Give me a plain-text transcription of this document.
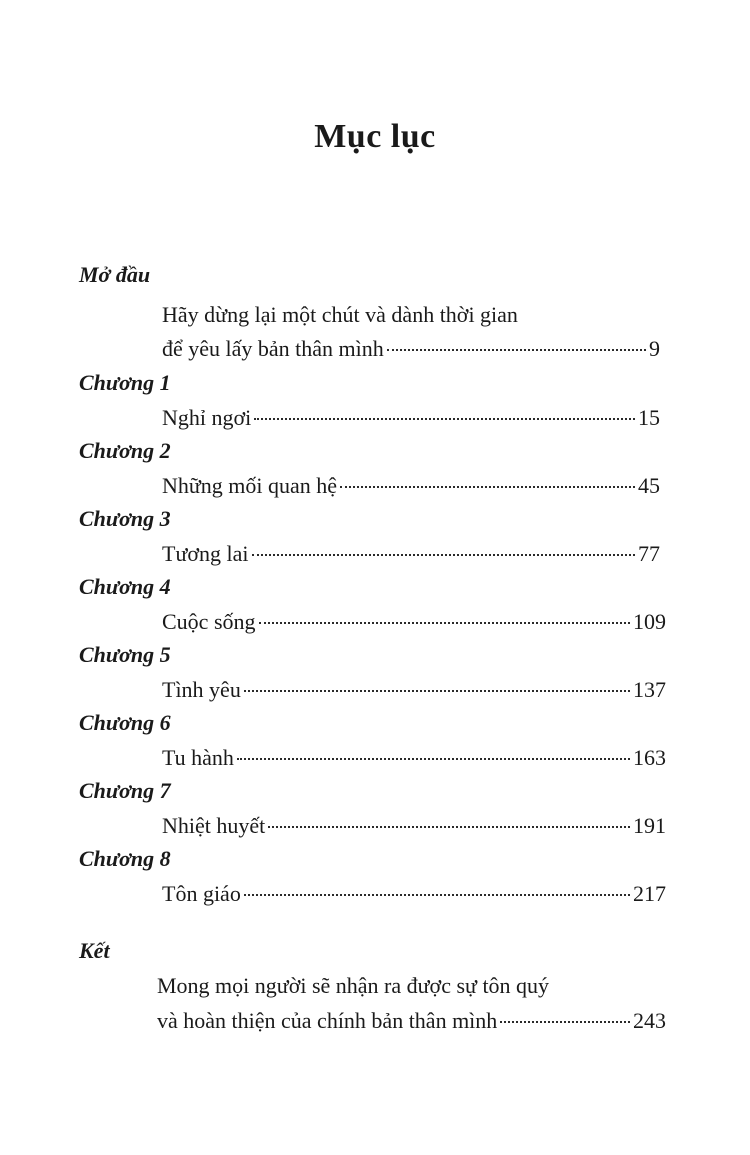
Mục lục
Mở đầu
Hãy dừng lại một chút và dành thời gian
để yêu lấy bản thân mình	9
Chương 1
Nghỉ ngơi	15
Chương 2
Những mối quan hệ	45
Chương 3
Tương lai	77
Chương 4
Cuộc sống	109
Chương 5
Tình yêu	137
Chương 6
Tu hành	163
Chương 7
Nhiệt huyết	191
Chương 8
Tôn giáo	217
Kết
Mong mọi người sẽ nhận ra được sự tôn quý
và hoàn thiện của chính bản thân mình	243
